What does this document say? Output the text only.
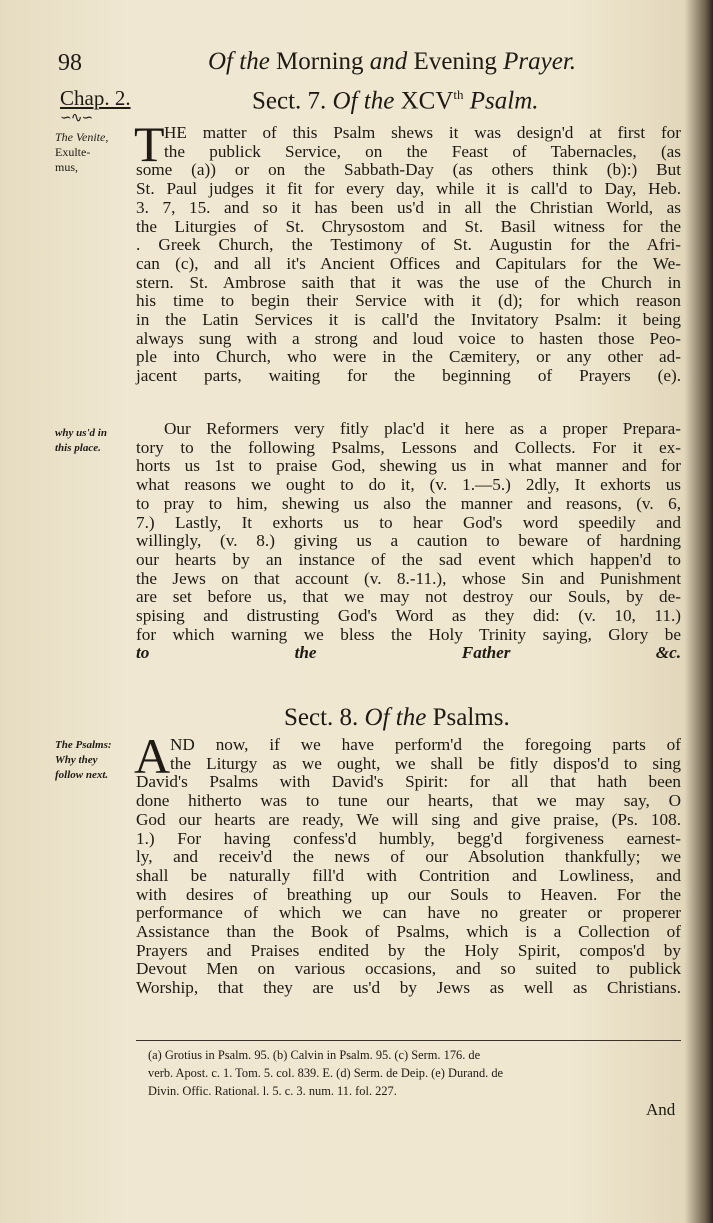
98	Of the Morning and Evening Prayer.
Chap. 2.
∽∿∽
Sect. 7. Of the XCVth Psalm.
The Venite,
Exulte-
mus,	T HE matter of this Psalm shews it was design'd at first for
the publick Service, on the Feast of Tabernacles, (as
some (a)) or on the Sabbath-Day (as others think (b):) But
St. Paul judges it fit for every day, while it is call'd to Day, Heb.
3. 7, 15. and so it has been us'd in all the Christian World, as
the Liturgies of St. Chrysostom and St. Basil witness for the
. Greek Church, the Testimony of St. Augustin for the Afri-
can (c), and all it's Ancient Offices and Capitulars for the We-
stern. St. Ambrose saith that it was the use of the Church in
his time to begin their Service with it (d); for which reason
in the Latin Services it is call'd the Invitatory Psalm: it being
always sung with a strong and loud voice to hasten those Peo-
ple into Church, who were in the Cæmitery, or any other ad-
jacent parts, waiting for the beginning of Prayers (e).
why us'd in
this place.
Our Reformers very fitly plac'd it here as a proper Prepara-
tory to the following Psalms, Lessons and Collects. For it ex-
horts us 1st to praise God, shewing us in what manner and for
what reasons we ought to do it, (v. 1.—5.) 2dly, It exhorts us
to pray to him, shewing us also the manner and reasons, (v. 6,
7.) Lastly, It exhorts us to hear God's word speedily and
willingly, (v. 8.) giving us a caution to beware of hardning
our hearts by an instance of the sad event which happen'd to
the Jews on that account (v. 8.-11.), whose Sin and Punishment
are set before us, that we may not destroy our Souls, by de-
spising and distrusting God's Word as they did: (v. 10, 11.)
for which warning we bless the Holy Trinity saying, Glory be
to the Father &c.
Sect. 8. Of the Psalms.
The Psalms:
Why they
follow next. A ND now, if we have perform'd the foregoing parts of
the Liturgy as we ought, we shall be fitly dispos'd to sing
David's Psalms with David's Spirit: for all that hath been
done hitherto was to tune our hearts, that we may say, O
God our hearts are ready, We will sing and give praise, (Ps. 108.
1.) For having confess'd humbly, begg'd forgiveness earnest-
ly, and receiv'd the news of our Absolution thankfully; we
shall be naturally fill'd with Contrition and Lowliness, and
with desires of breathing up our Souls to Heaven. For the
performance of which we can have no greater or properer
Assistance than the Book of Psalms, which is a Collection of
Prayers and Praises endited by the Holy Spirit, compos'd by
Devout Men on various occasions, and so suited to publick
Worship, that they are us'd by Jews as well as Christians.
(a) Grotius in Psalm. 95. (b) Calvin in Psalm. 95. (c) Serm. 176. de
verb. Apost. c. 1. Tom. 5. col. 839. E. (d) Serm. de Deip. (e) Durand. de
Divin. Offic. Rational. l. 5. c. 3. num. 11. fol. 227.
And
